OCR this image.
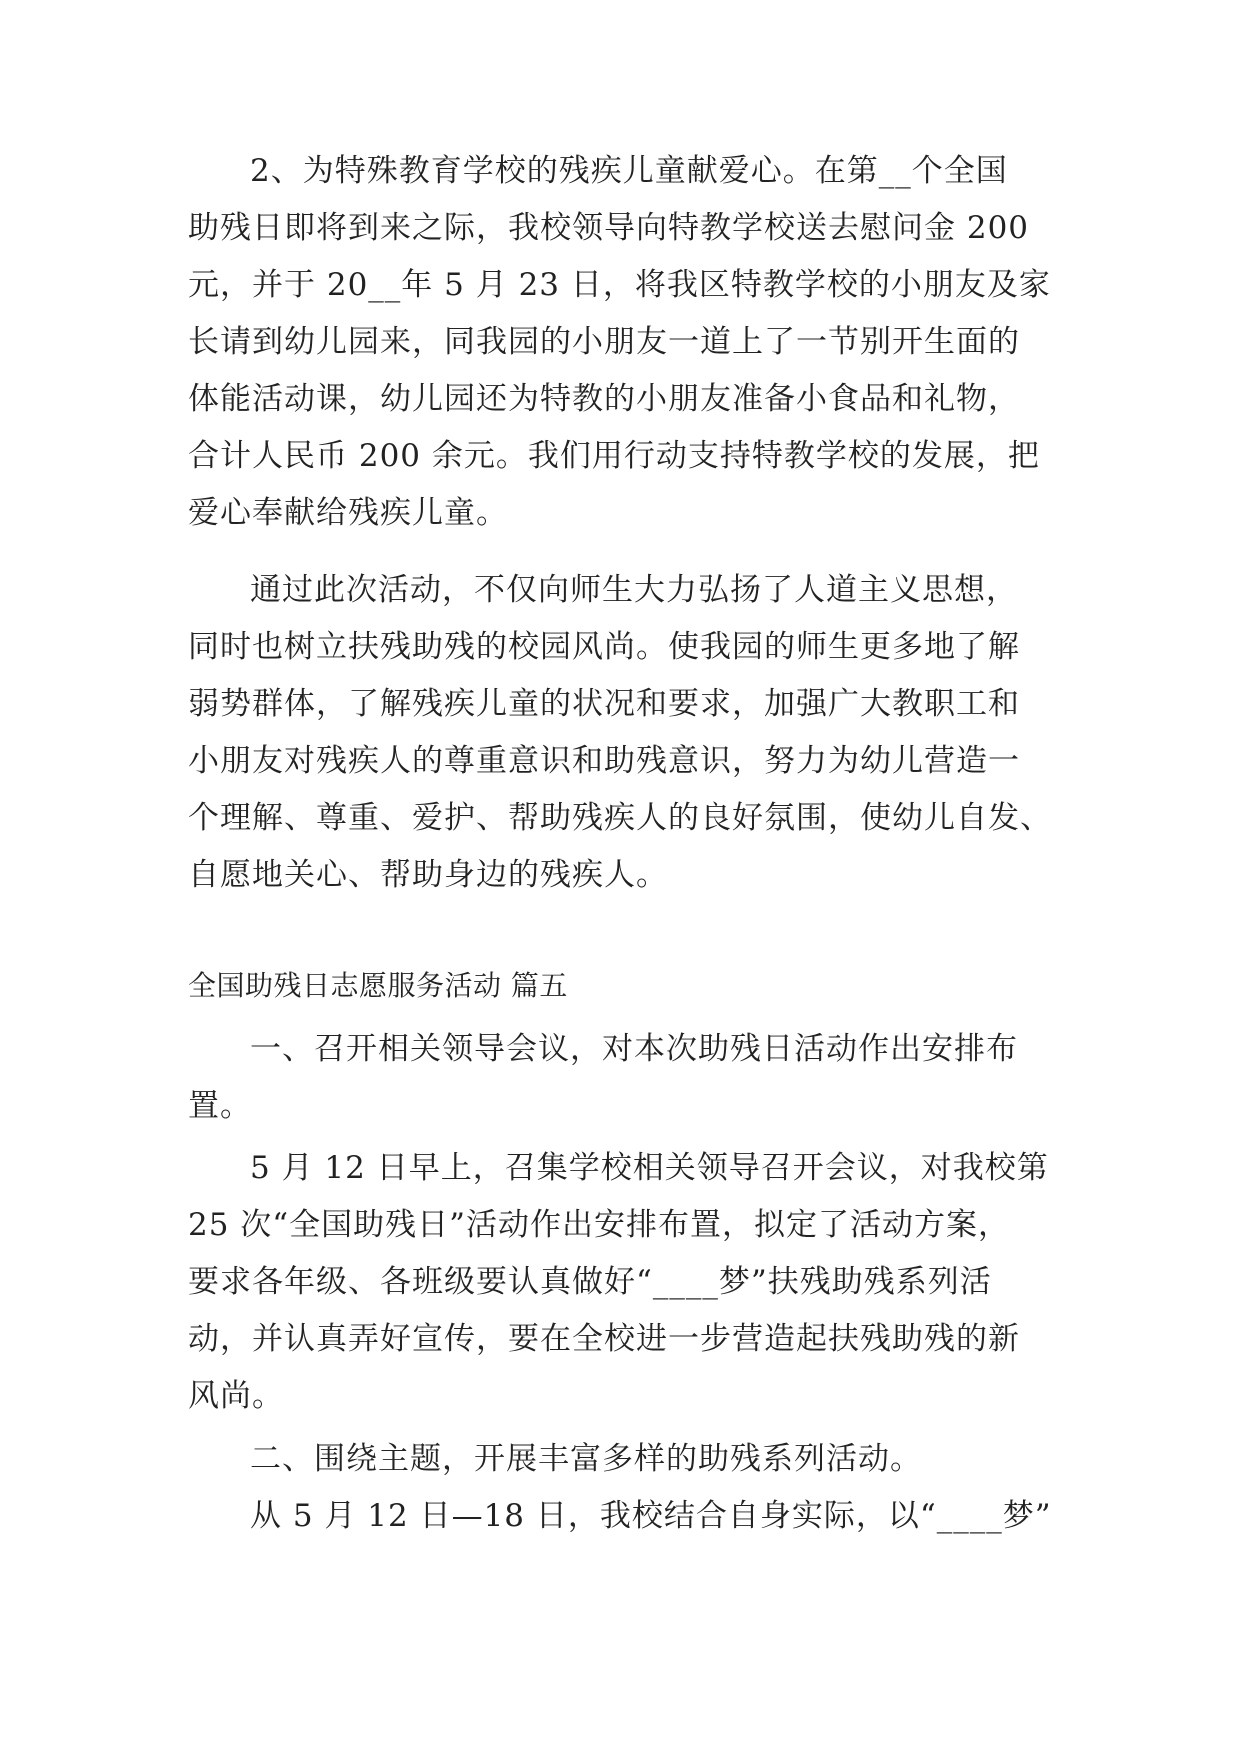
2、为特殊教育学校的残疾儿童献爱心。在第__个全国
助残日即将到来之际，我校领导向特教学校送去慰问金 200
元，并于 20__年 5 月 23 日，将我区特教学校的小朋友及家
长请到幼儿园来，同我园的小朋友一道上了一节别开生面的
体能活动课，幼儿园还为特教的小朋友准备小食品和礼物，
合计人民币 200 余元。我们用行动支持特教学校的发展，把
爱心奉献给残疾儿童。
通过此次活动，不仅向师生大力弘扬了人道主义思想，
同时也树立扶残助残的校园风尚。使我园的师生更多地了解
弱势群体，了解残疾儿童的状况和要求，加强广大教职工和
小朋友对残疾人的尊重意识和助残意识，努力为幼儿营造一
个理解、尊重、爱护、帮助残疾人的良好氛围，使幼儿自发、
自愿地关心、帮助身边的残疾人。
全国助残日志愿服务活动 篇五
一、召开相关领导会议，对本次助残日活动作出安排布
置。
5 月 12 日早上，召集学校相关领导召开会议，对我校第
25 次“全国助残日”活动作出安排布置，拟定了活动方案，
要求各年级、各班级要认真做好“____梦”扶残助残系列活
动，并认真弄好宣传，要在全校进一步营造起扶残助残的新
风尚。
二、围绕主题，开展丰富多样的助残系列活动。
从 5 月 12 日—18 日，我校结合自身实际，以“____梦”
